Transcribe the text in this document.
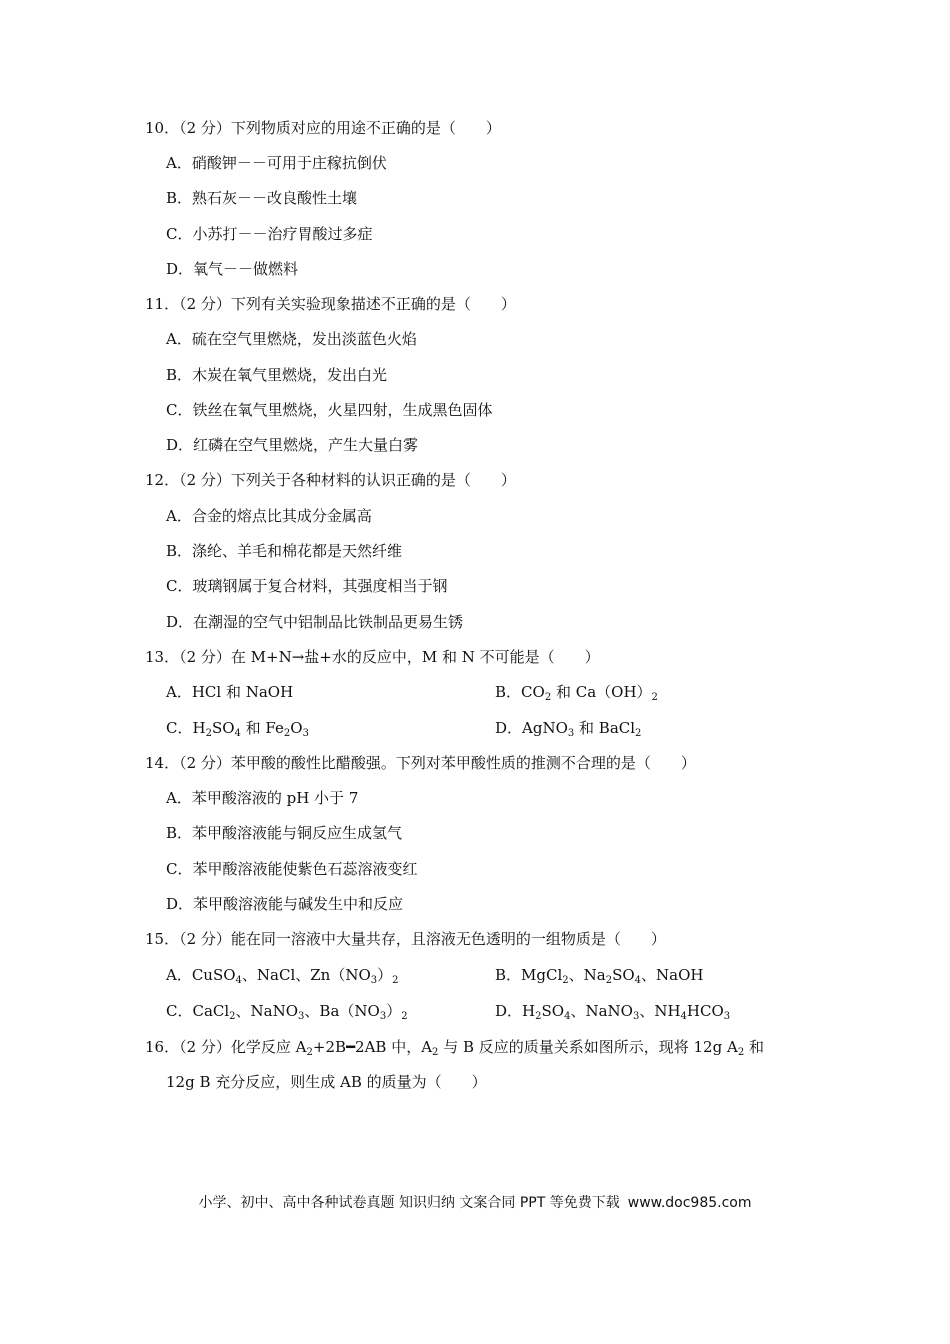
10．（2 分）下列物质对应的用途不正确的是（　　）
A．硝酸钾－－可用于庄稼抗倒伏
B．熟石灰－－改良酸性土壤
C．小苏打－－治疗胃酸过多症
D．氧气－－做燃料
11．（2 分）下列有关实验现象描述不正确的是（　　）
A．硫在空气里燃烧，发出淡蓝色火焰
B．木炭在氧气里燃烧，发出白光
C．铁丝在氧气里燃烧，火星四射，生成黑色固体
D．红磷在空气里燃烧，产生大量白雾
12．（2 分）下列关于各种材料的认识正确的是（　　）
A．合金的熔点比其成分金属高
B．涤纶、羊毛和棉花都是天然纤维
C．玻璃钢属于复合材料，其强度相当于钢
D．在潮湿的空气中铝制品比铁制品更易生锈
13．（2 分）在 M+N→盐+水的反应中，M 和 N 不可能是（　　）
A．HCl 和 NaOH	B．$CO_2$ 和 $Ca(OH)_2$
C．$H_2SO_4$ 和 $Fe_2O_3$	D．AgNO$_3$ 和 BaCl$_2$
14．（2 分）苯甲酸的酸性比醋酸强。下列对苯甲酸性质的推测不合理的是（　　）
A．苯甲酸溶液的 pH 小于 7
B．苯甲酸溶液能与铜反应生成氢气
C．苯甲酸溶液能使紫色石蕊溶液变红
D．苯甲酸溶液能与碱发生中和反应
15．（2 分）能在同一溶液中大量共存，且溶液无色透明的一组物质是（　　）
A．CuSO$_4$、NaCl、$Zn(NO_3)_2$	B．MgCl$_2$、$Na_2SO_4$、NaOH
C．CaCl$_2$、NaNO$_3$、$Ba(NO_3)_2$	D．$H_2SO_4$、NaNO$_3$、$NH_4HCO_3$
16．（2 分）化学反应 $A_2+2B━2AB$ 中，$A_2$ 与 B 反应的质量关系如图所示，现将 12g $A_2$ 和
12g B 充分反应，则生成 AB 的质量为（　　）
小学、初中、高中各种试卷真题 知识归纳 文案合同 PPT 等免费下载 www.doc985.com
